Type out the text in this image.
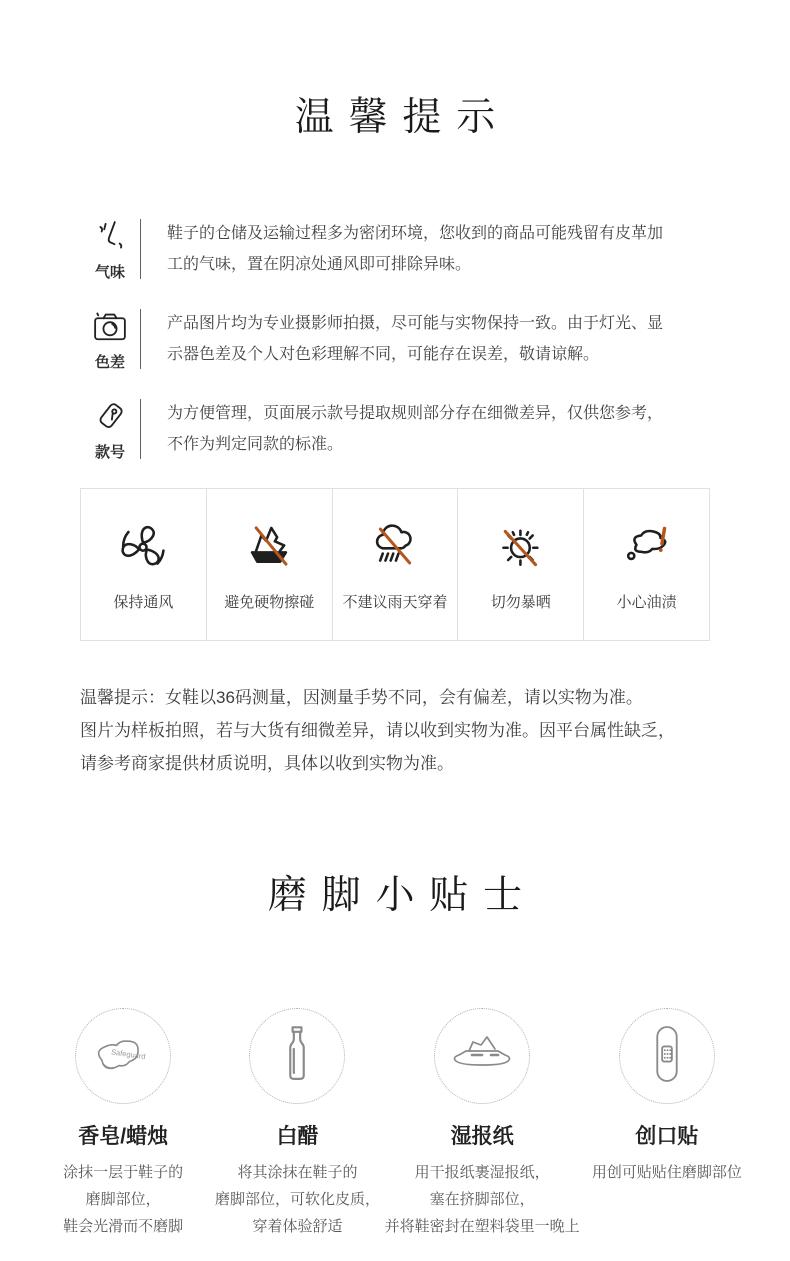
温馨提示
气味
鞋子的仓储及运输过程多为密闭环境，您收到的商品可能残留有皮革加
工的气味，置在阴凉处通风即可排除异味。
色差
产品图片均为专业摄影师拍摄，尽可能与实物保持一致。由于灯光、显
示器色差及个人对色彩理解不同，可能存在误差，敬请谅解。
款号
为方便管理，页面展示款号提取规则部分存在细微差异，仅供您参考，
不作为判定同款的标准。
保持通风	避免硬物擦碰 不建议雨天穿着	切勿暴晒	小心油渍
温馨提示：女鞋以36码测量，因测量手势不同，会有偏差，请以实物为准。
图片为样板拍照，若与大货有细微差异，请以收到实物为准。因平台属性缺乏，
请参考商家提供材质说明，具体以收到实物为准。
磨脚小贴士
Safeguard
香皂/蜡烛
涂抹一层于鞋子的
磨脚部位，
鞋会光滑而不磨脚
白醋
将其涂抹在鞋子的
磨脚部位，可软化皮质，
穿着体验舒适
湿报纸
用干报纸裹湿报纸，
塞在挤脚部位，
并将鞋密封在塑料袋里一晚上
创口贴
用创可贴贴住磨脚部位
